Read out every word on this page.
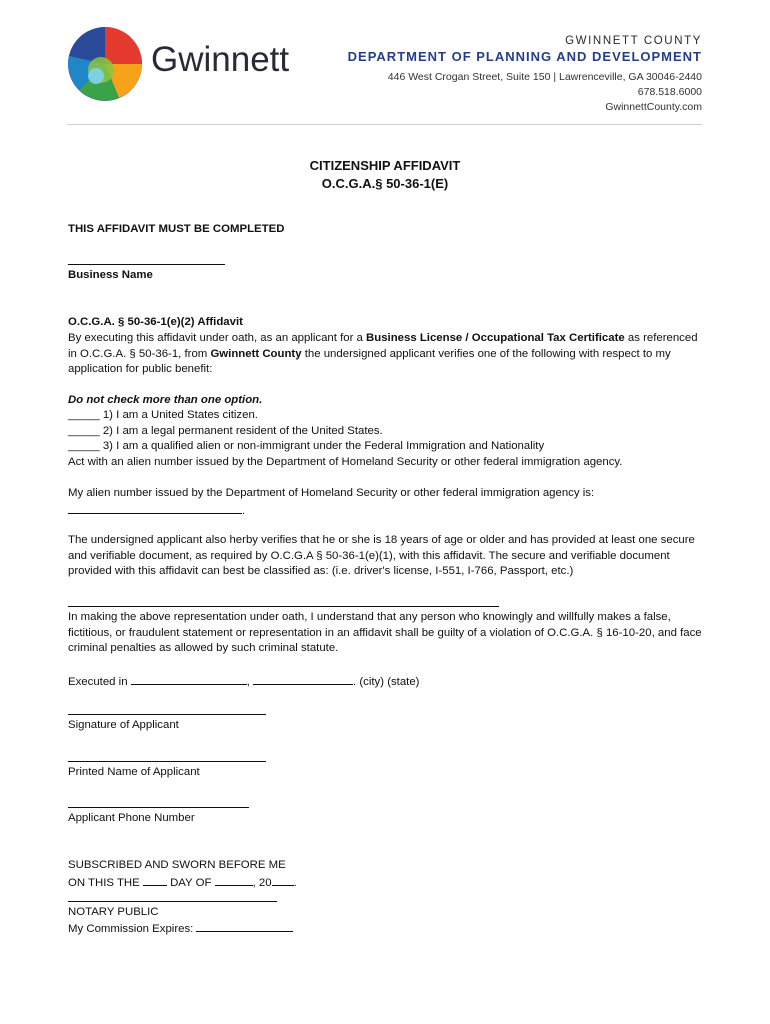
Gwinnett	GWINNETT COUNTY
DEPARTMENT OF PLANNING AND DEVELOPMENT
446 West Crogan Street, Suite 150 | Lawrenceville, GA 30046-2440
678.518.6000
GwinnettCounty.com
CITIZENSHIP AFFIDAVIT
O.C.G.A.§ 50-36-1(E)
THIS AFFIDAVIT MUST BE COMPLETED
Business Name
O.C.G.A. § 50-36-1(e)(2) Affidavit
By executing this affidavit under oath, as an applicant for a Business License / Occupational Tax Certificate as referenced in O.C.G.A. § 50-36-1, from Gwinnett County the undersigned applicant verifies one of the following with respect to my application for public benefit:
Do not check more than one option.
_____ 1) I am a United States citizen.
_____ 2) I am a legal permanent resident of the United States.
_____ 3) I am a qualified alien or non-immigrant under the Federal Immigration and Nationality
Act with an alien number issued by the Department of Homeland Security or other federal immigration agency.
My alien number issued by the Department of Homeland Security or other federal immigration agency is:
.
The undersigned applicant also herby verifies that he or she is 18 years of age or older and has provided at least one secure and verifiable document, as required by O.C.G.A § 50-36-1(e)(1), with this affidavit. The secure and verifiable document provided with this affidavit can best be classified as: (i.e. driver's license, I-551, I-766, Passport, etc.)
In making the above representation under oath, I understand that any person who knowingly and willfully makes a false, fictitious, or fraudulent statement or representation in an affidavit shall be guilty of a violation of O.C.G.A. § 16-10-20, and face criminal penalties as allowed by such criminal statute.
Executed in	,	. (city) (state)
Signature of Applicant
Printed Name of Applicant
Applicant Phone Number
SUBSCRIBED AND SWORN BEFORE ME
ON THIS THE  DAY OF	, 20 .
NOTARY PUBLIC
My Commission Expires:
